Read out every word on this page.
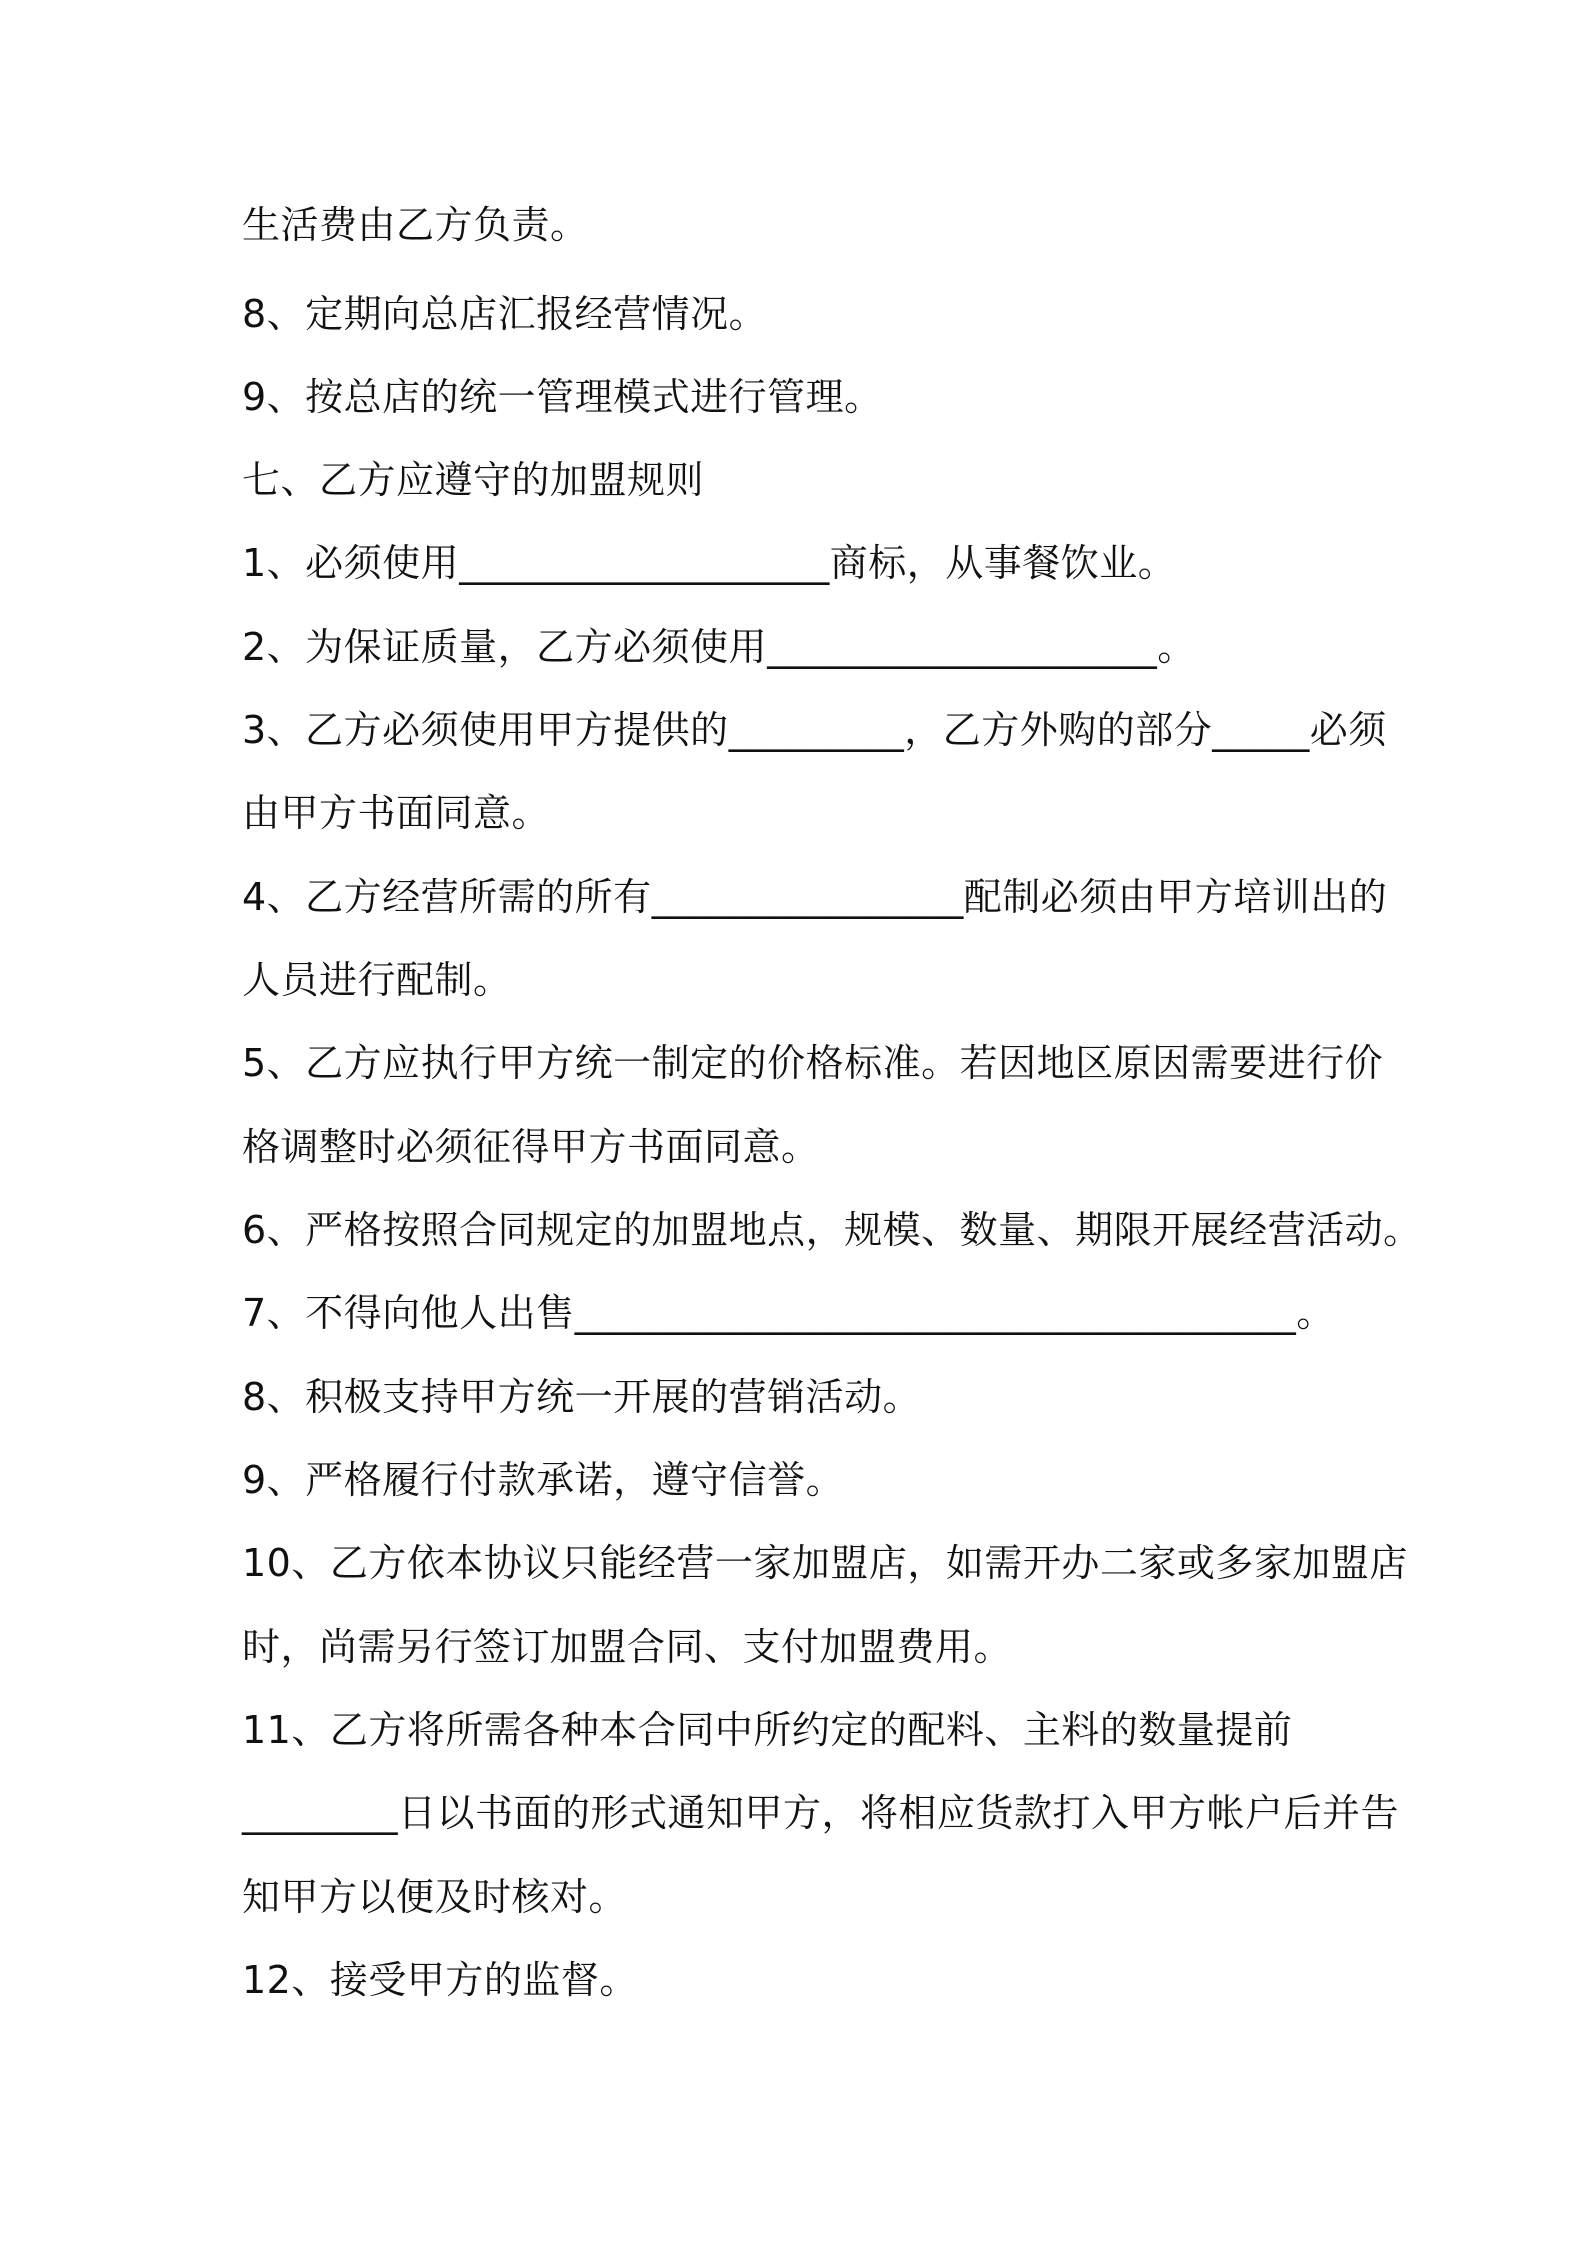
生活费由乙方负责。
8、定期向总店汇报经营情况。
9、按总店的统一管理模式进行管理。
七、乙方应遵守的加盟规则
1、必须使用___________________商标，从事餐饮业。
2、为保证质量，乙方必须使用____________________。
3、乙方必须使用甲方提供的_________，乙方外购的部分_____必须
由甲方书面同意。
4、乙方经营所需的所有________________配制必须由甲方培训出的
人员进行配制。
5、乙方应执行甲方统一制定的价格标准。若因地区原因需要进行价
格调整时必须征得甲方书面同意。
6、严格按照合同规定的加盟地点，规模、数量、期限开展经营活动。
7、不得向他人出售_____________________________________。
8、积极支持甲方统一开展的营销活动。
9、严格履行付款承诺，遵守信誉。
10、乙方依本协议只能经营一家加盟店，如需开办二家或多家加盟店
时，尚需另行签订加盟合同、支付加盟费用。
11、乙方将所需各种本合同中所约定的配料、主料的数量提前
________日以书面的形式通知甲方，将相应货款打入甲方帐户后并告
知甲方以便及时核对。
12、接受甲方的监督。
